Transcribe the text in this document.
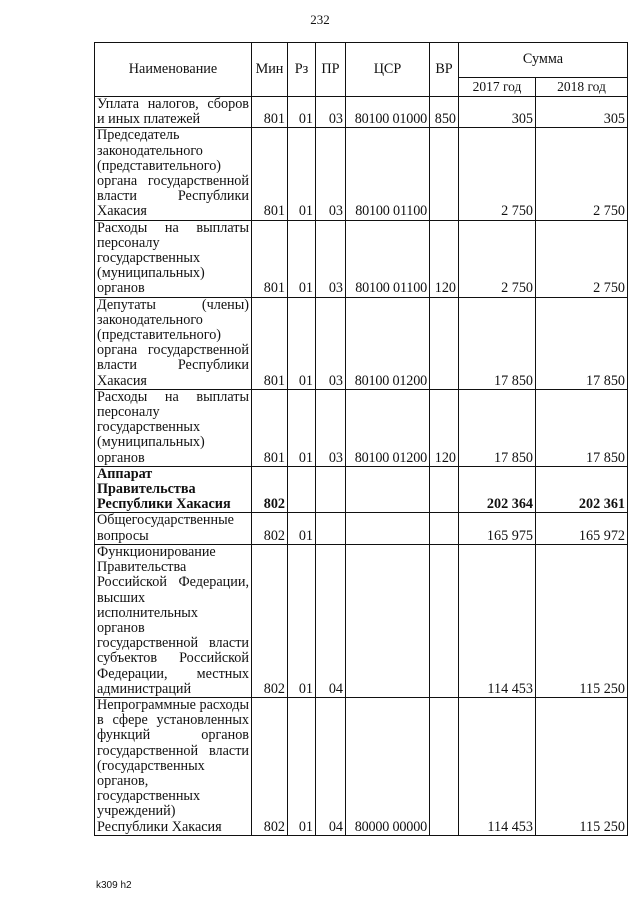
232
Наименование	Мин	Рз	ПР	ЦСР	ВР	Сумма	
						2017 год	2018 год
Уплата налогов, сборов и иных платежей	801	01	03	80100 01000	850	305	305
Председатель законодательного (представительного) органа государственной власти Республики Хакасия	801	01	03	80100 01100		2 750	2 750
Расходы на выплаты персоналу государственных (муниципальных) органов	801	01	03	80100 01100	120	2 750	2 750
Депутаты (члены) законодательного (представительного) органа государственной власти Республики Хакасия	801	01	03	80100 01200		17 850	17 850
Расходы на выплаты персоналу государственных (муниципальных) органов	801	01	03	80100 01200	120	17 850	17 850
Аппарат Правительства Республики Хакасия	802					202 364	202 361
Общегосударственные вопросы	802	01				165 975	165 972
Функционирование Правительства Российской Федерации, высших исполнительных органов государственной власти субъектов Российской Федерации, местных администраций	802	01	04			114 453	115 250
Непрограммные расходы в сфере установленных функций органов государственной власти (государственных органов, государственных учреждений) Республики Хакасия	802	01	04	80000 00000		114 453	115 250
k309 h2
